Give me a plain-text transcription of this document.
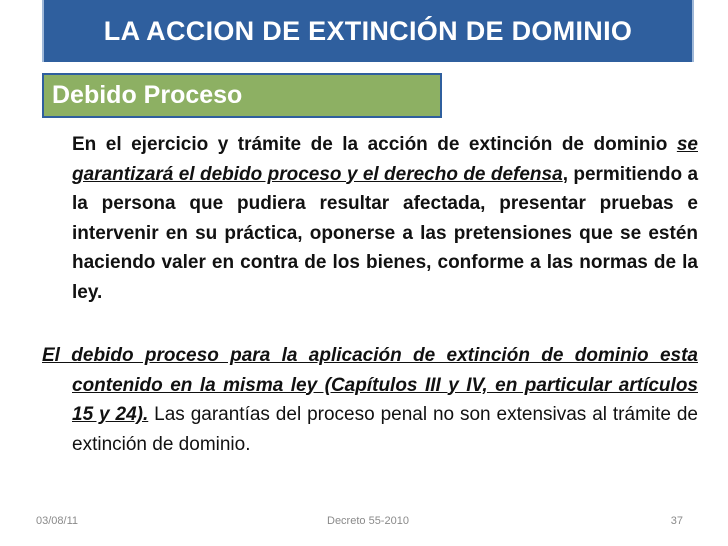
LA ACCION DE EXTINCIÓN DE DOMINIO
Debido Proceso

En el ejercicio y trámite de la acción de extinción de dominio se garantizará el debido proceso y el derecho de defensa, permitiendo a la persona que pudiera resultar afectada, presentar pruebas e intervenir en su práctica, oponerse a las pretensiones que se estén haciendo valer en contra de los bienes, conforme a las normas de la ley.

El debido proceso para la aplicación de extinción de dominio esta contenido en la misma ley (Capítulos III y IV, en particular artículos 15 y 24). Las garantías del proceso penal no son extensivas al trámite de extinción de dominio.

03/08/11	Decreto 55-2010	37
